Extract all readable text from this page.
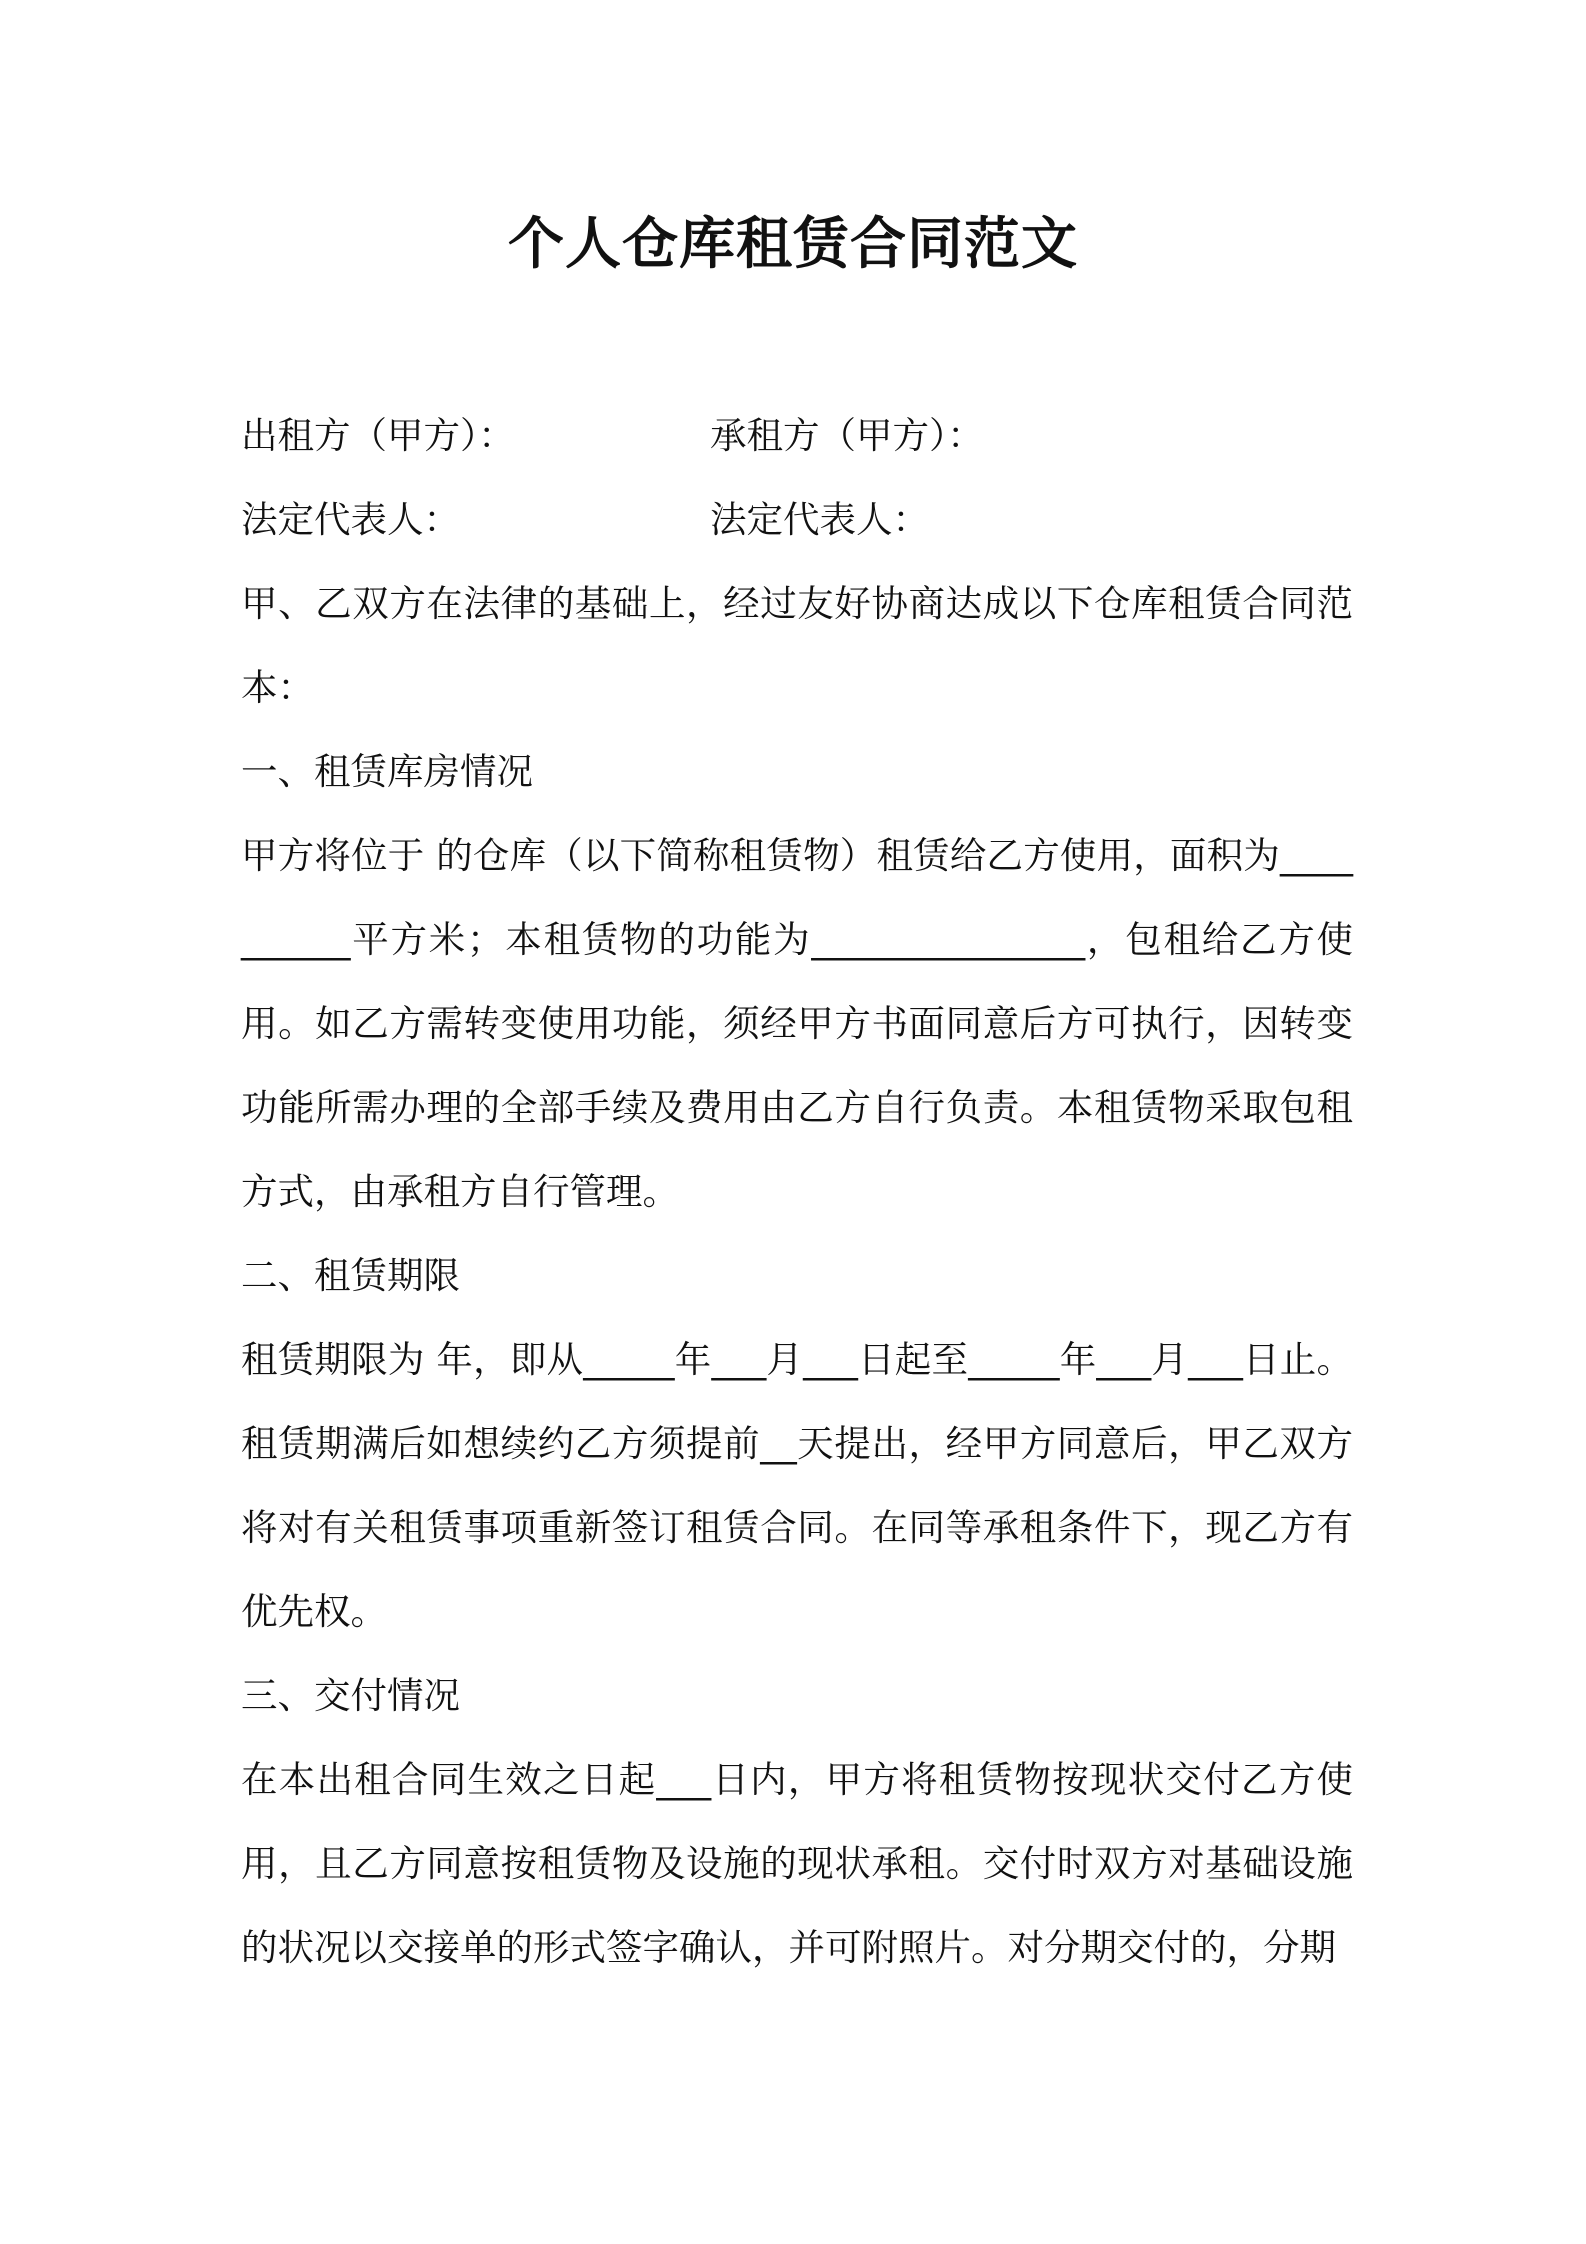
个人仓库租赁合同范文
出租方（甲方）：	承租方（甲方）：
法定代表人：	法定代表人：

甲、乙双方在法律的基础上，经过友好协商达成以下仓库租赁合同范本：

一、租赁库房情况

甲方将位于 的仓库（以下简称租赁物）租赁给乙方使用，面积为__________平方米；本租赁物的功能为_______________，包租给乙方使用。如乙方需转变使用功能，须经甲方书面同意后方可执行，因转变功能所需办理的全部手续及费用由乙方自行负责。本租赁物采取包租方式，由承租方自行管理。

二、租赁期限

租赁期限为 年，即从_____年___月___日起至_____年___月___日止。租赁期满后如想续约乙方须提前__天提出，经甲方同意后，甲乙双方将对有关租赁事项重新签订租赁合同。在同等承租条件下，现乙方有优先权。

三、交付情况

在本出租合同生效之日起___日内，甲方将租赁物按现状交付乙方使用，且乙方同意按租赁物及设施的现状承租。交付时双方对基础设施的状况以交接单的形式签字确认，并可附照片。对分期交付的，分期
